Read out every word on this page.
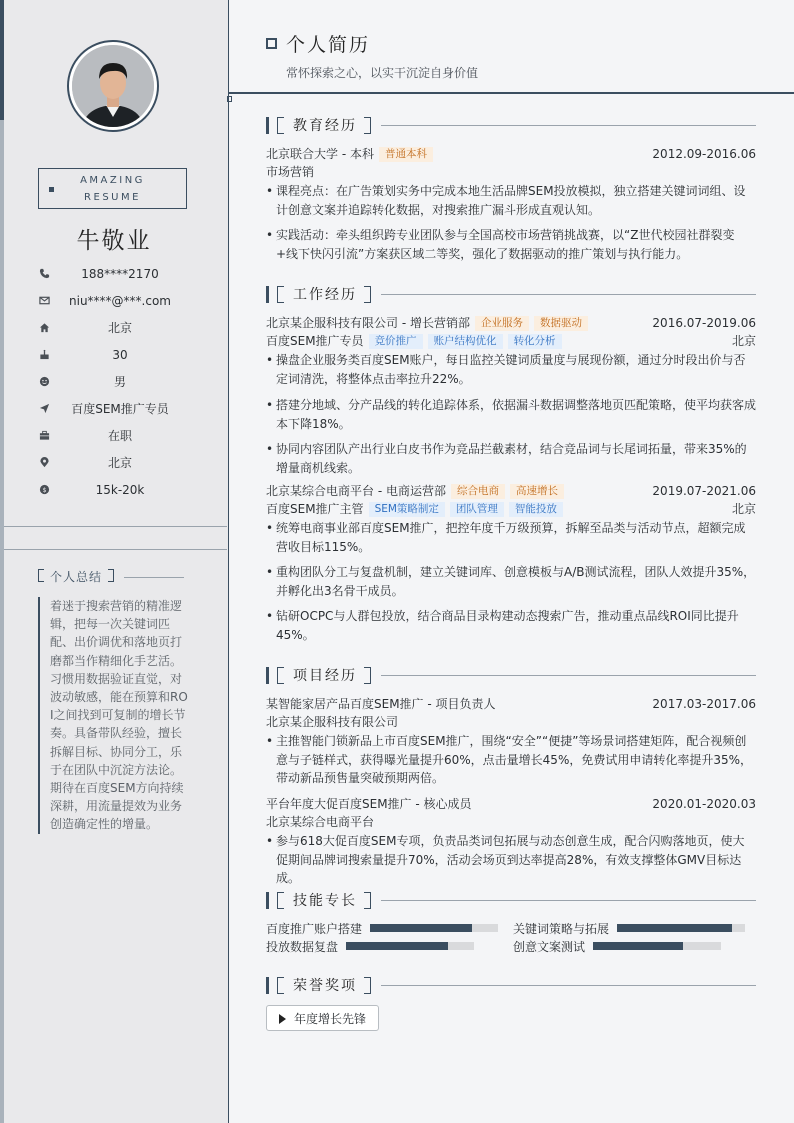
AMAZING
RESUME
牛敬业
188****2170
niu****@***.com
北京
30
男
百度SEM推广专员
在职
北京
$	15k-20k
个人总结
着迷于搜索营销的精准逻辑，把每一次关键词匹配、出价调优和落地页打磨都当作精细化手艺活。习惯用数据验证直觉，对波动敏感，能在预算和ROI之间找到可复制的增长节奏。具备带队经验，擅长拆解目标、协同分工，乐于在团队中沉淀方法论。期待在百度SEM方向持续深耕，用流量提效为业务创造确定性的增量。
个人简历
常怀探索之心，以实干沉淀自身价值
教育经历
北京联合大学 - 本科 普通本科	2012.09-2016.06
市场营销
• 课程亮点：在广告策划实务中完成本地生活品牌SEM投放模拟，独立搭建关键词词组、设计创意文案并追踪转化数据，对搜索推广漏斗形成直观认知。
• 实践活动：牵头组织跨专业团队参与全国高校市场营销挑战赛，以“Z世代校园社群裂变+线下快闪引流”方案获区域二等奖，强化了数据驱动的推广策划与执行能力。
工作经历
北京某企服科技有限公司 - 增长营销部 企业服务 数据驱动	2016.07-2019.06
百度SEM推广专员 竞价推广 账户结构优化 转化分析	北京
• 操盘企业服务类百度SEM账户，每日监控关键词质量度与展现份额，通过分时段出价与否定词清洗，将整体点击率拉升22%。
• 搭建分地域、分产品线的转化追踪体系，依据漏斗数据调整落地页匹配策略，使平均获客成本下降18%。
• 协同内容团队产出行业白皮书作为竞品拦截素材，结合竞品词与长尾词拓量，带来35%的增量商机线索。
北京某综合电商平台 - 电商运营部 综合电商 高速增长	2019.07-2021.06
百度SEM推广主管 SEM策略制定 团队管理 智能投放	北京
• 统筹电商事业部百度SEM推广，把控年度千万级预算，拆解至品类与活动节点，超额完成营收目标115%。
• 重构团队分工与复盘机制，建立关键词库、创意模板与A/B测试流程，团队人效提升35%，并孵化出3名骨干成员。
• 钻研OCPC与人群包投放，结合商品目录构建动态搜索广告，推动重点品线ROI同比提升45%。
项目经历
某智能家居产品百度SEM推广 - 项目负责人	2017.03-2017.06
北京某企服科技有限公司
• 主推智能门锁新品上市百度SEM推广，围绕“安全”“便捷”等场景词搭建矩阵，配合视频创意与子链样式，获得曝光量提升60%，点击量增长45%，免费试用申请转化率提升35%，带动新品预售量突破预期两倍。
平台年度大促百度SEM推广 - 核心成员	2020.01-2020.03
北京某综合电商平台
• 参与618大促百度SEM专项，负责品类词包拓展与动态创意生成，配合闪购落地页，使大促期间品牌词搜索量提升70%，活动会场页到达率提高28%，有效支撑整体GMV目标达成。
技能专长
百度推广账户搭建	关键词策略与拓展
投放数据复盘	创意文案测试
荣誉奖项
年度增长先锋
